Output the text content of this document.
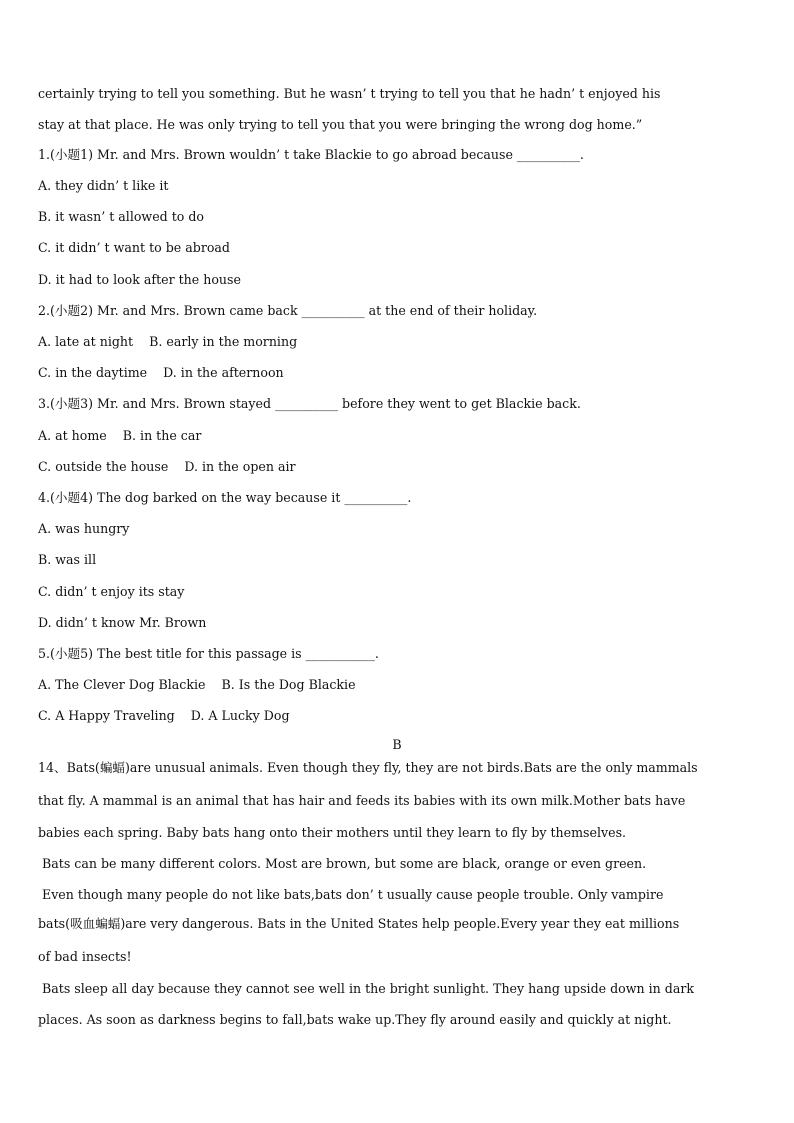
certainly trying to tell you something. But he wasn’ t trying to tell you that he hadn’ t enjoyed his
stay at that place. He was only trying to tell you that you were bringing the wrong dog home.”
1.(小题1) Mr. and Mrs. Brown wouldn’ t take Blackie to go abroad because __________.
A. they didn’ t like it
B. it wasn’ t allowed to do
C. it didn’ t want to be abroad
D. it had to look after the house
2.(小题2) Mr. and Mrs. Brown came back __________ at the end of their holiday.
A. late at night    B. early in the morning
C. in the daytime    D. in the afternoon
3.(小题3) Mr. and Mrs. Brown stayed __________ before they went to get Blackie back.
A. at home    B. in the car
C. outside the house    D. in the open air
4.(小题4) The dog barked on the way because it __________.
A. was hungry
B. was ill
C. didn’ t enjoy its stay
D. didn’ t know Mr. Brown
5.(小题5) The best title for this passage is ___________.
A. The Clever Dog Blackie    B. Is the Dog Blackie
C. A Happy Traveling    D. A Lucky Dog
B
14、Bats(蝙蝠)are unusual animals. Even though they fly, they are not birds.Bats are the only mammals
that fly. A mammal is an animal that has hair and feeds its babies with its own milk.Mother bats have
babies each spring. Baby bats hang onto their mothers until they learn to fly by themselves.
Bats can be many different colors. Most are brown, but some are black, orange or even green.
Even though many people do not like bats,bats don’ t usually cause people trouble. Only vampire
bats(吸血蝙蝠)are very dangerous. Bats in the United States help people.Every year they eat millions
of bad insects!
Bats sleep all day because they cannot see well in the bright sunlight. They hang upside down in dark
places. As soon as darkness begins to fall,bats wake up.They fly around easily and quickly at night.
